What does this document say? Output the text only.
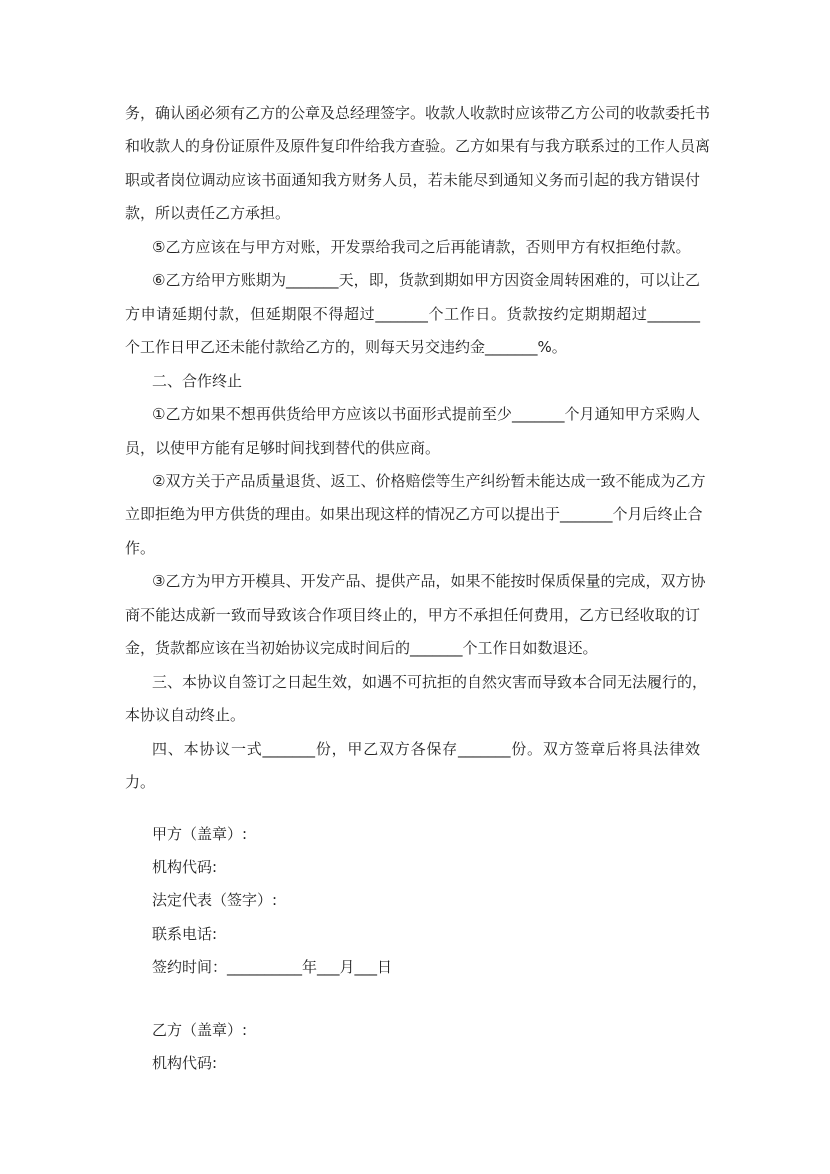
务，确认函必须有乙方的公章及总经理签字。收款人收款时应该带乙方公司的收款委托书
和收款人的身份证原件及原件复印件给我方查验。乙方如果有与我方联系过的工作人员离
职或者岗位调动应该书面通知我方财务人员，若未能尽到通知义务而引起的我方错误付
款，所以责任乙方承担。
⑤乙方应该在与甲方对账，开发票给我司之后再能请款，否则甲方有权拒绝付款。
⑥乙方给甲方账期为_______天，即，货款到期如甲方因资金周转困难的，可以让乙
方申请延期付款，但延期限不得超过_______个工作日。货款按约定期期超过_______
个工作日甲乙还未能付款给乙方的，则每天另交违约金_______%。
二、合作终止
①乙方如果不想再供货给甲方应该以书面形式提前至少_______个月通知甲方采购人
员，以使甲方能有足够时间找到替代的供应商。
②双方关于产品质量退货、返工、价格赔偿等生产纠纷暂未能达成一致不能成为乙方
立即拒绝为甲方供货的理由。如果出现这样的情况乙方可以提出于_______个月后终止合
作。
③乙方为甲方开模具、开发产品、提供产品，如果不能按时保质保量的完成，双方协
商不能达成新一致而导致该合作项目终止的，甲方不承担任何费用，乙方已经收取的订
金，货款都应该在当初始协议完成时间后的_______个工作日如数退还。
三、本协议自签订之日起生效，如遇不可抗拒的自然灾害而导致本合同无法履行的，
本协议自动终止。
四、本协议一式_______份，甲乙双方各保存_______份。双方签章后将具法律效
力。
甲方（盖章）:
机构代码:
法定代表（签字）:
联系电话:
签约时间：__________年___月___日
乙方（盖章）:
机构代码:
